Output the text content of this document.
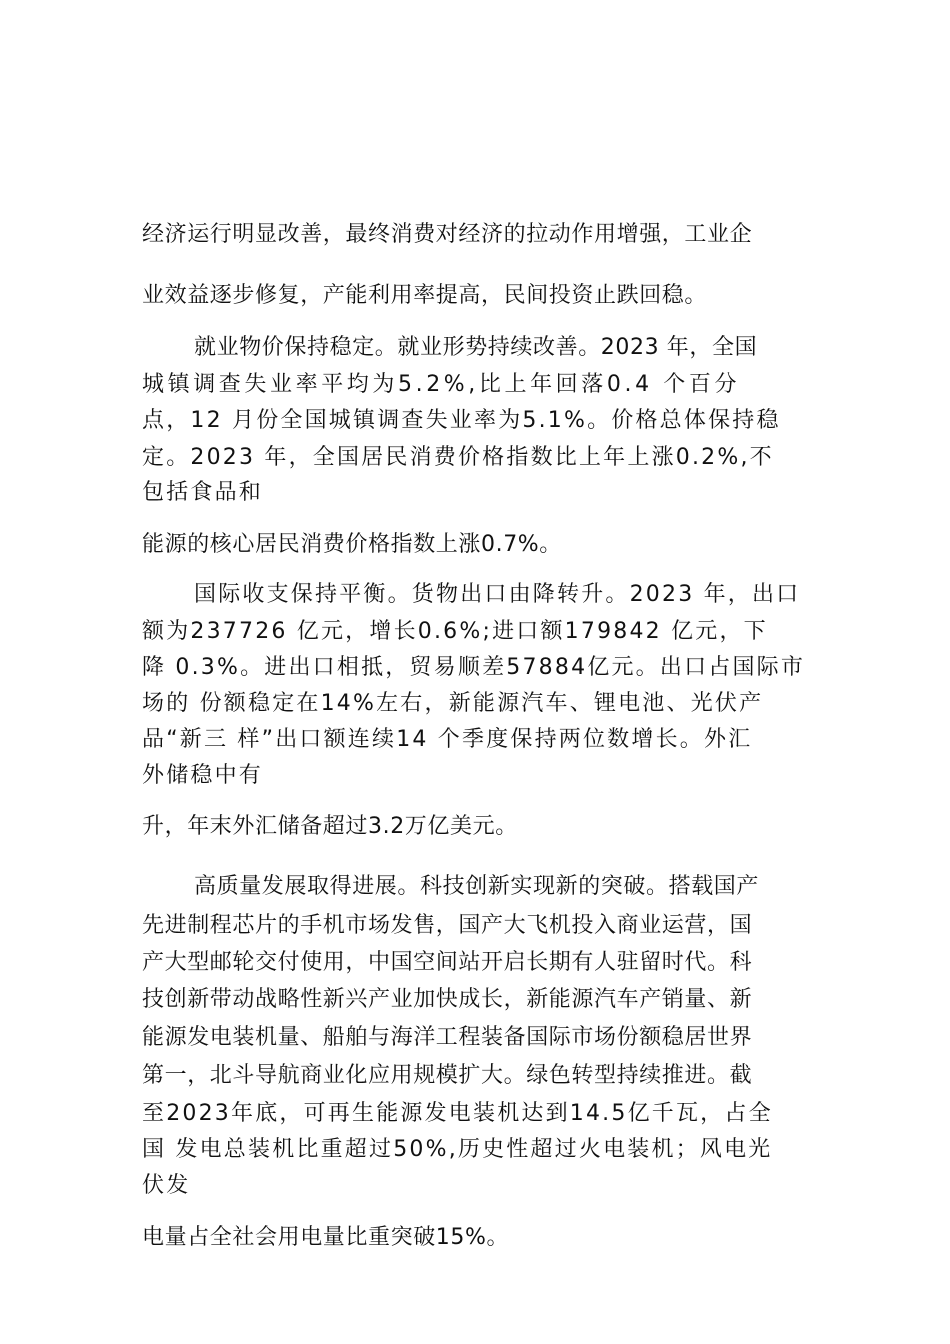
经济运行明显改善，最终消费对经济的拉动作用增强，工业企
业效益逐步修复，产能利用率提高，民间投资止跌回稳。
就业物价保持稳定。就业形势持续改善。2023 年，全国
城镇调查失业率平均为5.2%,比上年回落0.4 个百分
点，12 月份全国城镇调查失业率为5.1%。价格总体保持稳
定。2023 年，全国居民消费价格指数比上年上涨0.2%,不
包括食品和
能源的核心居民消费价格指数上涨0.7%。
国际收支保持平衡。货物出口由降转升。2023 年，出口
额为237726 亿元，增长0.6%;进口额179842 亿元，下
降 0.3%。进出口相抵，贸易顺差57884亿元。出口占国际市
场的 份额稳定在14%左右，新能源汽车、锂电池、光伏产
品“新三 样”出口额连续14 个季度保持两位数增长。外汇
外储稳中有
升，年末外汇储备超过3.2万亿美元。
高质量发展取得进展。科技创新实现新的突破。搭载国产
先进制程芯片的手机市场发售，国产大飞机投入商业运营，国
产大型邮轮交付使用，中国空间站开启长期有人驻留时代。科
技创新带动战略性新兴产业加快成长，新能源汽车产销量、新
能源发电装机量、船舶与海洋工程装备国际市场份额稳居世界
第一，北斗导航商业化应用规模扩大。绿色转型持续推进。截
至2023年底，可再生能源发电装机达到14.5亿千瓦，占全
国 发电总装机比重超过50%,历史性超过火电装机；风电光
伏发
电量占全社会用电量比重突破15%。
